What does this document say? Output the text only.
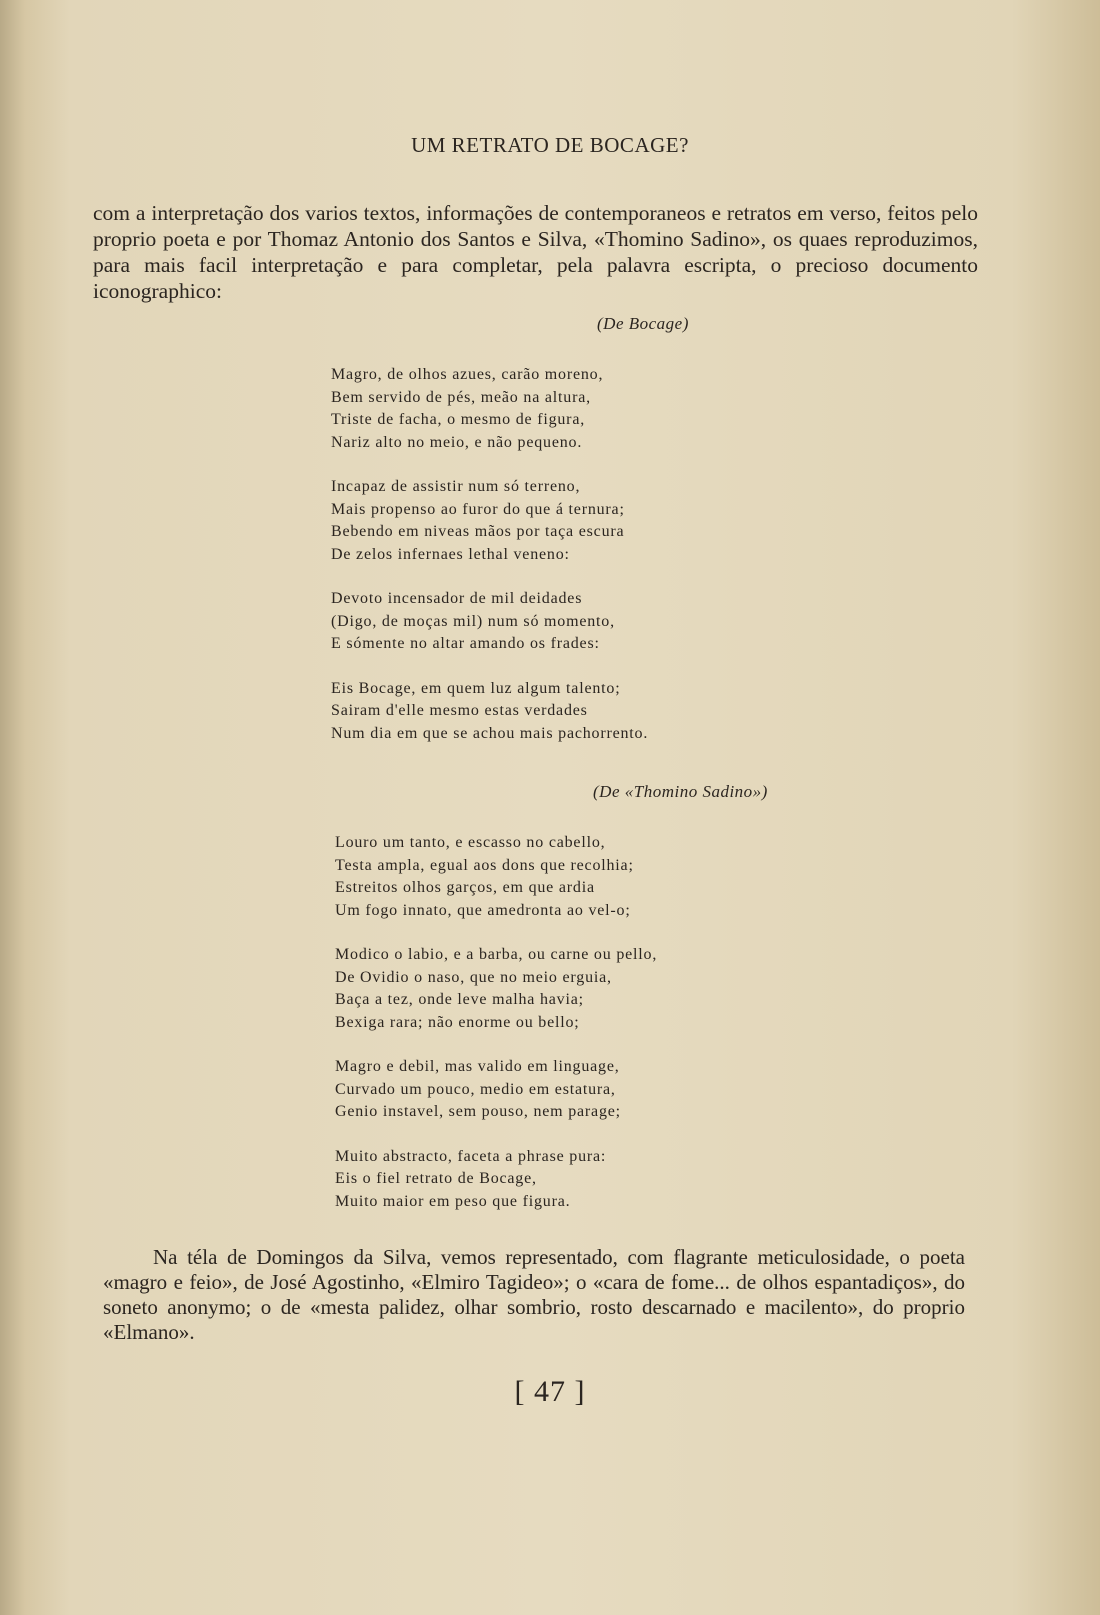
UM RETRATO DE BOCAGE?

com a interpretação dos varios textos, informações de contemporaneos e retratos em verso, feitos pelo proprio poeta e por Thomaz Antonio dos Santos e Silva, «Thomino Sadino», os quaes reproduzimos, para mais facil interpretação e para completar, pela palavra escripta, o precioso documento iconographico:

(De Bocage)
Magro, de olhos azues, carão moreno,
Bem servido de pés, meão na altura,
Triste de facha, o mesmo de figura,
Nariz alto no meio, e não pequeno.
Incapaz de assistir num só terreno,
Mais propenso ao furor do que á ternura;
Bebendo em niveas mãos por taça escura
De zelos infernaes lethal veneno:
Devoto incensador de mil deidades
(Digo, de moças mil) num só momento,
E sómente no altar amando os frades:
Eis Bocage, em quem luz algum talento;
Sairam d'elle mesmo estas verdades
Num dia em que se achou mais pachorrento.
(De «Thomino Sadino»)
Louro um tanto, e escasso no cabello,
Testa ampla, egual aos dons que recolhia;
Estreitos olhos garços, em que ardia
Um fogo innato, que amedronta ao vel-o;
Modico o labio, e a barba, ou carne ou pello,
De Ovidio o naso, que no meio erguia,
Baça a tez, onde leve malha havia;
Bexiga rara; não enorme ou bello;
Magro e debil, mas valido em linguage,
Curvado um pouco, medio em estatura,
Genio instavel, sem pouso, nem parage;
Muito abstracto, faceta a phrase pura:
Eis o fiel retrato de Bocage,
Muito maior em peso que figura.

Na téla de Domingos da Silva, vemos representado, com flagrante meticulosidade, o poeta «magro e feio», de José Agostinho, «Elmiro Tagideo»; o «cara de fome... de olhos espantadiços», do soneto anonymo; o de «mesta palidez, olhar sombrio, rosto descarnado e macilento», do proprio «Elmano».

[ 47 ]
